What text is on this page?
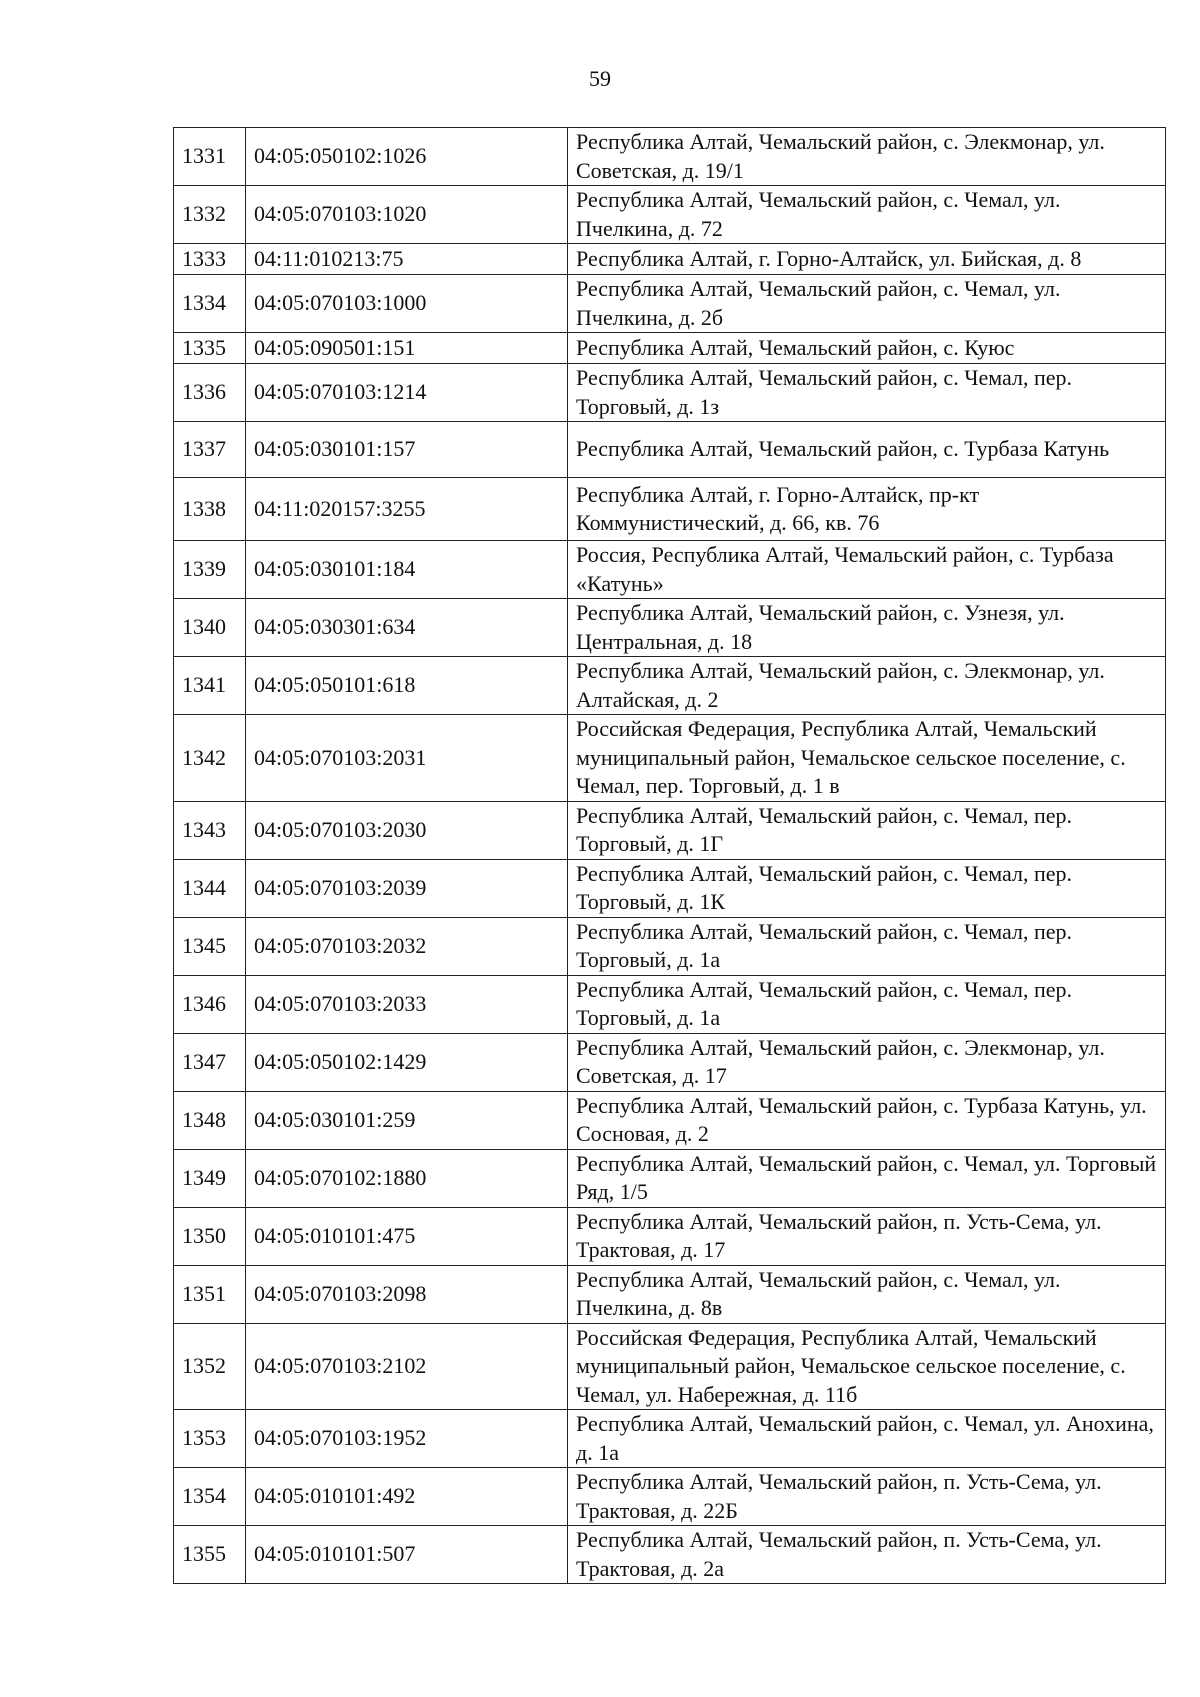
59
1331	04:05:050102:1026	Республика Алтай, Чемальский район, с. Элекмонар, ул. Советская, д. 19/1
1332	04:05:070103:1020	Республика Алтай, Чемальский район, с. Чемал, ул. Пчелкина, д. 72
1333	04:11:010213:75	Республика Алтай, г. Горно-Алтайск, ул. Бийская, д. 8
1334	04:05:070103:1000	Республика Алтай, Чемальский район, с. Чемал, ул. Пчелкина, д. 2б
1335	04:05:090501:151	Республика Алтай, Чемальский район, с. Куюс
1336	04:05:070103:1214	Республика Алтай, Чемальский район, с. Чемал, пер. Торговый, д. 1з
1337	04:05:030101:157	Республика Алтай, Чемальский район, с. Турбаза Катунь
1338	04:11:020157:3255	Республика Алтай, г. Горно-Алтайск, пр-кт Коммунистический, д. 66, кв. 76
1339	04:05:030101:184	Россия, Республика Алтай, Чемальский район, с. Турбаза «Катунь»
1340	04:05:030301:634	Республика Алтай, Чемальский район, с. Узнезя, ул. Центральная, д. 18
1341	04:05:050101:618	Республика Алтай, Чемальский район, с. Элекмонар, ул. Алтайская, д. 2
1342	04:05:070103:2031	Российская Федерация, Республика Алтай, Чемальский муниципальный район, Чемальское сельское поселение, с. Чемал, пер. Торговый, д. 1 в
1343	04:05:070103:2030	Республика Алтай, Чемальский район, с. Чемал, пер. Торговый, д. 1Г
1344	04:05:070103:2039	Республика Алтай, Чемальский район, с. Чемал, пер. Торговый, д. 1К
1345	04:05:070103:2032	Республика Алтай, Чемальский район, с. Чемал, пер. Торговый, д. 1а
1346	04:05:070103:2033	Республика Алтай, Чемальский район, с. Чемал, пер. Торговый, д. 1а
1347	04:05:050102:1429	Республика Алтай, Чемальский район, с. Элекмонар, ул. Советская, д. 17
1348	04:05:030101:259	Республика Алтай, Чемальский район, с. Турбаза Катунь, ул. Сосновая, д. 2
1349	04:05:070102:1880	Республика Алтай, Чемальский район, с. Чемал, ул. Торговый Ряд, 1/5
1350	04:05:010101:475	Республика Алтай, Чемальский район, п. Усть-Сема, ул. Трактовая, д. 17
1351	04:05:070103:2098	Республика Алтай, Чемальский район, с. Чемал, ул. Пчелкина, д. 8в
1352	04:05:070103:2102	Российская Федерация, Республика Алтай, Чемальский муниципальный район, Чемальское сельское поселение, с. Чемал, ул. Набережная, д. 11б
1353	04:05:070103:1952	Республика Алтай, Чемальский район, с. Чемал, ул. Анохина, д. 1а
1354	04:05:010101:492	Республика Алтай, Чемальский район, п. Усть-Сема, ул. Трактовая, д. 22Б
1355	04:05:010101:507	Республика Алтай, Чемальский район, п. Усть-Сема, ул. Трактовая, д. 2а
